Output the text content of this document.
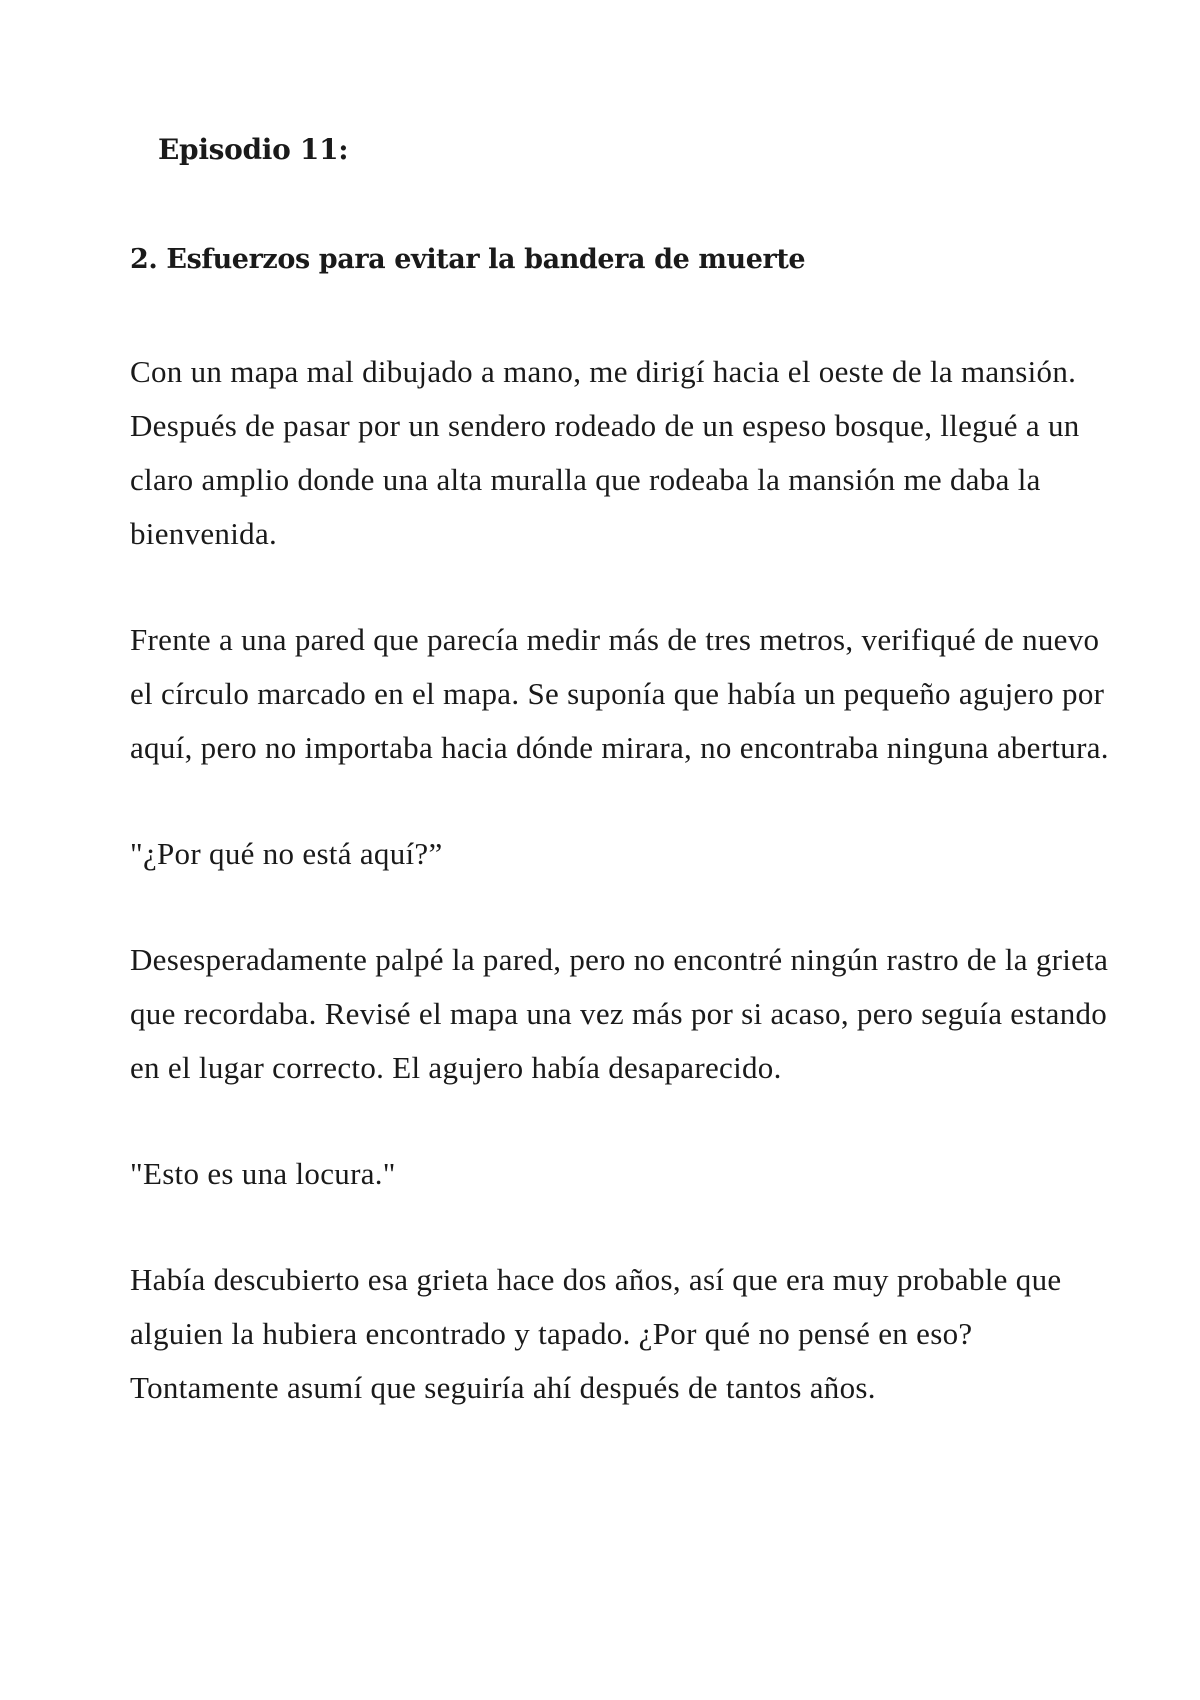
Episodio 11:
2. Esfuerzos para evitar la bandera de muerte

Con un mapa mal dibujado a mano, me dirigí hacia el oeste de la mansión. Después de pasar por un sendero rodeado de un espeso bosque, llegué a un claro amplio donde una alta muralla que rodeaba la mansión me daba la bienvenida.

Frente a una pared que parecía medir más de tres metros, verifiqué de nuevo el círculo marcado en el mapa. Se suponía que había un pequeño agujero por aquí, pero no importaba hacia dónde mirara, no encontraba ninguna abertura.

"¿Por qué no está aquí?”

Desesperadamente palpé la pared, pero no encontré ningún rastro de la grieta que recordaba. Revisé el mapa una vez más por si acaso, pero seguía estando en el lugar correcto. El agujero había desaparecido.

"Esto es una locura."

Había descubierto esa grieta hace dos años, así que era muy probable que alguien la hubiera encontrado y tapado. ¿Por qué no pensé en eso? Tontamente asumí que seguiría ahí después de tantos años.
